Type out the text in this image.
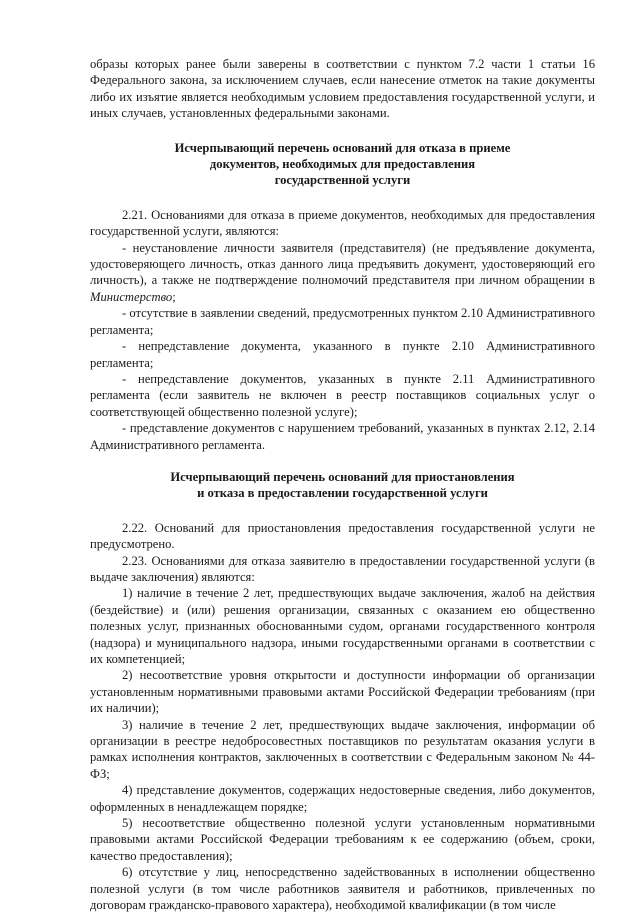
образы которых ранее были заверены в соответствии с пунктом 7.2 части 1 статьи 16 Федерального закона, за исключением случаев, если нанесение отметок на такие документы либо их изъятие является необходимым условием предоставления государственной услуги, и иных случаев, установленных федеральными законами.

Исчерпывающий перечень оснований для отказа в приеме
документов, необходимых для предоставления
государственной услуги

2.21. Основаниями для отказа в приеме документов, необходимых для предоставления государственной услуги, являются:

- неустановление личности заявителя (представителя) (не предъявление документа, удостоверяющего личность, отказ данного лица предъявить документ, удостоверяющий его личность), а также не подтверждение полномочий представителя при личном обращении в Министерство;

- отсутствие в заявлении сведений, предусмотренных пунктом 2.10 Административного регламента;

- непредставление документа, указанного в пункте 2.10 Административного регламента;

- непредставление документов, указанных в пункте 2.11 Административного регламента (если заявитель не включен в реестр поставщиков социальных услуг о соответствующей общественно полезной услуге);

- представление документов с нарушением требований, указанных в пунктах 2.12, 2.14 Административного регламента.

Исчерпывающий перечень оснований для приостановления
и отказа в предоставлении государственной услуги

2.22. Оснований для приостановления предоставления государственной услуги не предусмотрено.

2.23. Основаниями для отказа заявителю в предоставлении государственной услуги (в выдаче заключения) являются:

1) наличие в течение 2 лет, предшествующих выдаче заключения, жалоб на действия (бездействие) и (или) решения организации, связанных с оказанием ею общественно полезных услуг, признанных обоснованными судом, органами государственного контроля (надзора) и муниципального надзора, иными государственными органами в соответствии с их компетенцией;

2) несоответствие уровня открытости и доступности информации об организации установленным нормативными правовыми актами Российской Федерации требованиям (при их наличии);

3) наличие в течение 2 лет, предшествующих выдаче заключения, информации об организации в реестре недобросовестных поставщиков по результатам оказания услуги в рамках исполнения контрактов, заключенных в соответствии с Федеральным законом № 44-ФЗ;

4) представление документов, содержащих недостоверные сведения, либо документов, оформленных в ненадлежащем порядке;

5) несоответствие общественно полезной услуги установленным нормативными правовыми актами Российской Федерации требованиям к ее содержанию (объем, сроки, качество предоставления);

6) отсутствие у лиц, непосредственно задействованных в исполнении общественно полезной услуги (в том числе работников заявителя и работников, привлеченных по договорам гражданско-правового характера), необходимой квалификации (в том числе
